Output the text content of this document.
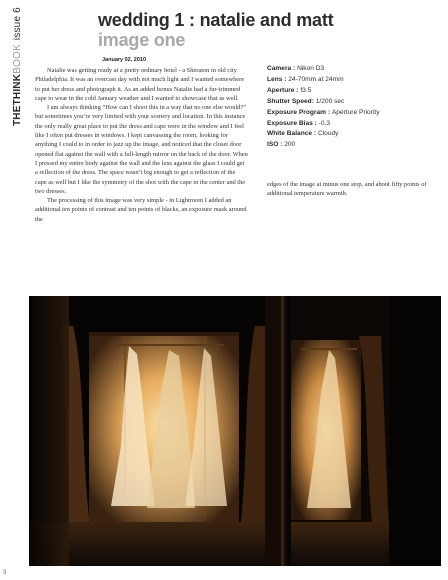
THETHINKBOOKissue 6	wedding 1 : natalie and matt
image one
January 02, 2010

Natalie was getting ready at a pretty ordinary hotel - a Sheraton in old city Philadelphia. It was an overcast day with not much light and I wanted somewhere to put her dress and photograph it. As an added bonus Natalie had a fur-trimmed cape to wear in the cold January weather and I wanted to showcase that as well.

I am always thinking “How can I shoot this in a way that no one else would?” but sometimes you’re very limited with your scenery and location. In this instance the only really great place to put the dress and cape were in the window and I feel like I often put dresses in windows. I kept canvassing the room, looking for anything I could to in order to jazz up the image, and noticed that the closet door opened flat against the wall with a full-length mirror on the back of the door. When I pressed my entire body against the wall and the lens against the glass I could get a reflection of the dress. The space wasn’t big enough to get a reflection of the cape as well but I like the symmetry of the shot with the cape in the center and the two dresses.

The processing of this image was very simple - in Lightroom I added an additional ten points of contrast and ten points of blacks, an exposure mask around the

Camera : Nikon D3
Lens : 24-70mm at 24mm
Aperture : f3.5
Shutter Speed: 1/200 sec
Exposure Program : Aperture Priority
Exposure Bias : -0.3
White Balance : Cloudy
ISO : 200

edges of the image at minus one stop, and about fifty points of additional temperature warmth.

3
